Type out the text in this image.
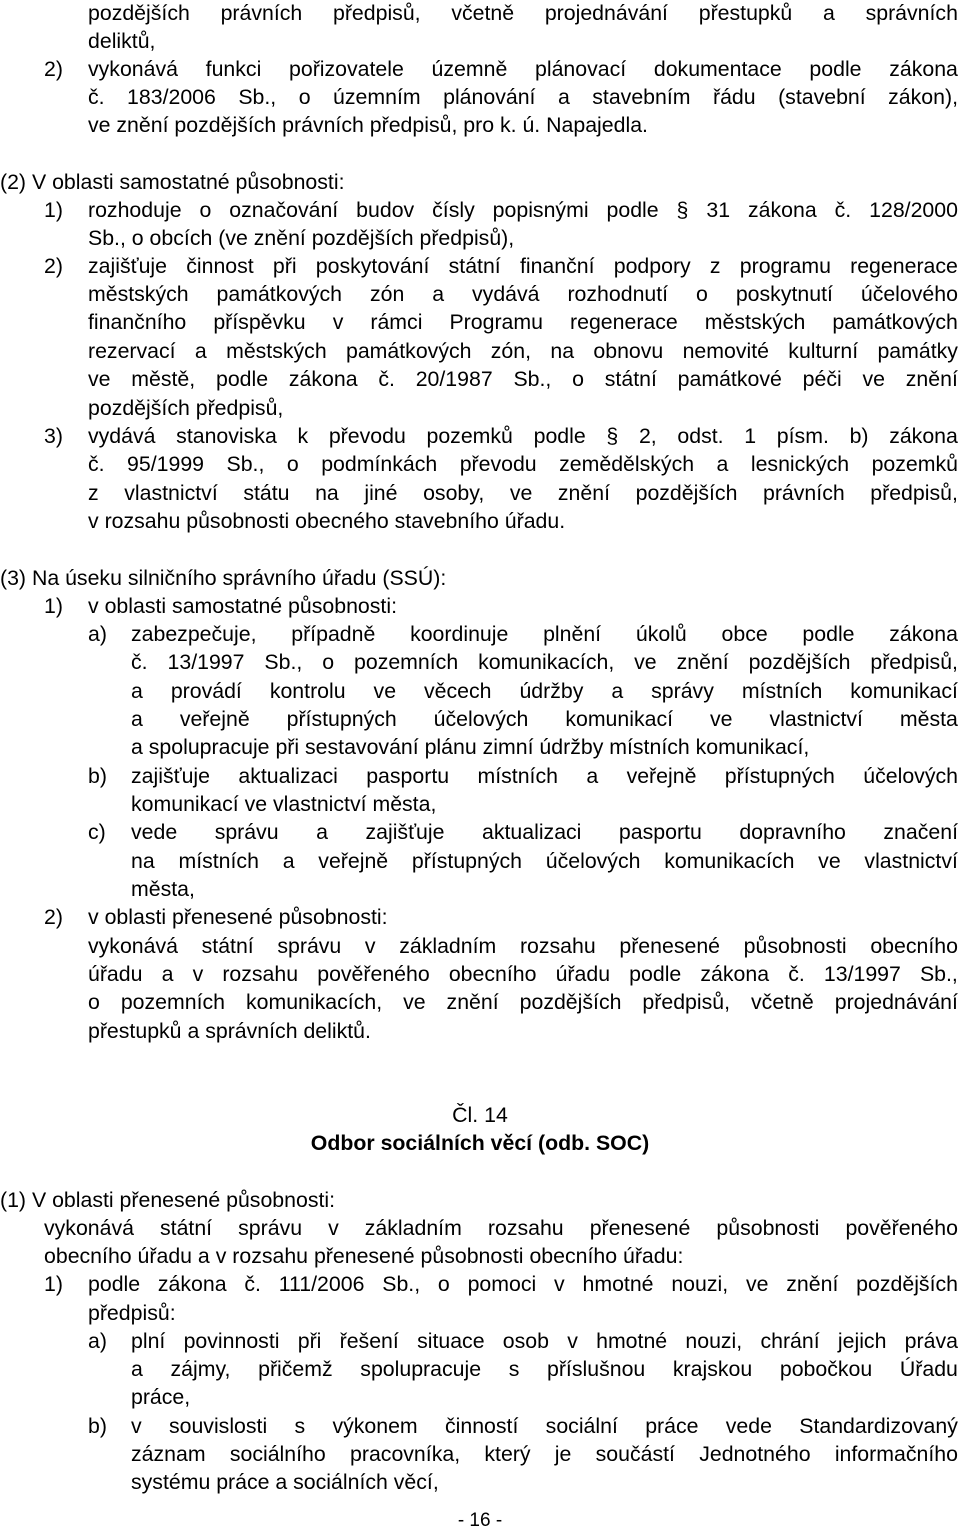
pozdějších právních předpisů, včetně projednávání přestupků a správních
deliktů,
2) vykonává funkci pořizovatele územně plánovací dokumentace podle zákona
č. 183/2006 Sb., o územním plánování a stavebním řádu (stavební zákon),
ve znění pozdějších právních předpisů, pro k. ú. Napajedla.
(2) V oblasti samostatné působnosti:
1) rozhoduje o označování budov čísly popisnými podle § 31 zákona č. 128/2000
Sb., o obcích (ve znění pozdějších předpisů),
2) zajišťuje činnost při poskytování státní finanční podpory z programu regenerace
městských památkových zón a vydává rozhodnutí o poskytnutí účelového
finančního příspěvku v rámci Programu regenerace městských památkových
rezervací a městských památkových zón, na obnovu nemovité kulturní památky
ve městě, podle zákona č. 20/1987 Sb., o státní památkové péči ve znění
pozdějších předpisů,
3) vydává stanoviska k převodu pozemků podle § 2, odst. 1 písm. b) zákona
č. 95/1999 Sb., o podmínkách převodu zemědělských a lesnických pozemků
z vlastnictví státu na jiné osoby, ve znění pozdějších právních předpisů,
v rozsahu působnosti obecného stavebního úřadu.
(3) Na úseku silničního správního úřadu (SSÚ):
1) v oblasti samostatné působnosti:
a) zabezpečuje, případně koordinuje plnění úkolů obce podle zákona
č. 13/1997 Sb., o pozemních komunikacích, ve znění pozdějších předpisů,
a provádí kontrolu ve věcech údržby a správy místních komunikací
a veřejně přístupných účelových komunikací ve vlastnictví města
a spolupracuje při sestavování plánu zimní údržby místních komunikací,
b) zajišťuje aktualizaci pasportu místních a veřejně přístupných účelových
komunikací ve vlastnictví města,
c) vede správu a zajišťuje aktualizaci pasportu dopravního značení
na místních a veřejně přístupných účelových komunikacích ve vlastnictví
města,
2) v oblasti přenesené působnosti:
vykonává státní správu v základním rozsahu přenesené působnosti obecního
úřadu a v rozsahu pověřeného obecního úřadu podle zákona č. 13/1997 Sb.,
o pozemních komunikacích, ve znění pozdějších předpisů, včetně projednávání
přestupků a správních deliktů.
Čl. 14
Odbor sociálních věcí (odb. SOC)
(1) V oblasti přenesené působnosti:
vykonává státní správu v základním rozsahu přenesené působnosti pověřeného
obecního úřadu a v rozsahu přenesené působnosti obecního úřadu:
1) podle zákona č. 111/2006 Sb., o pomoci v hmotné nouzi, ve znění pozdějších
předpisů:
a) plní povinnosti při řešení situace osob v hmotné nouzi, chrání jejich práva
a zájmy, přičemž spolupracuje s příslušnou krajskou pobočkou Úřadu
práce,
b) v souvislosti s výkonem činností sociální práce vede Standardizovaný
záznam sociálního pracovníka, který je součástí Jednotného informačního
systému práce a sociálních věcí,
- 16 -
